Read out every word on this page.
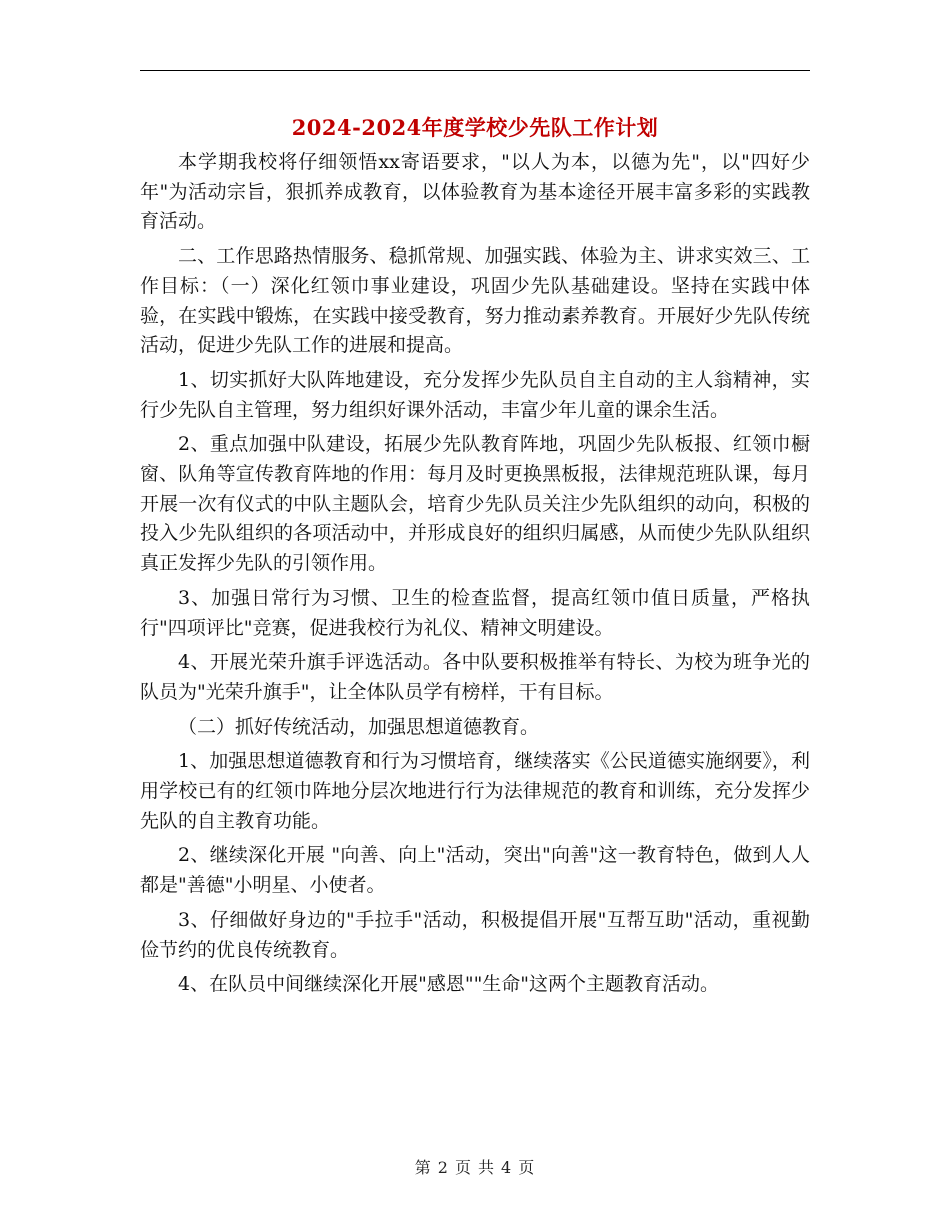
2024-2024年度学校少先队工作计划

本学期我校将仔细领悟xx寄语要求，"以人为本，以德为先"，以"四好少年"为活动宗旨，狠抓养成教育，以体验教育为基本途径开展丰富多彩的实践教育活动。

二、工作思路热情服务、稳抓常规、加强实践、体验为主、讲求实效三、工作目标：（一）深化红领巾事业建设，巩固少先队基础建设。坚持在实践中体验，在实践中锻炼，在实践中接受教育，努力推动素养教育。开展好少先队传统活动，促进少先队工作的进展和提高。

1、切实抓好大队阵地建设，充分发挥少先队员自主自动的主人翁精神，实行少先队自主管理，努力组织好课外活动，丰富少年儿童的课余生活。

2、重点加强中队建设，拓展少先队教育阵地，巩固少先队板报、红领巾橱窗、队角等宣传教育阵地的作用：每月及时更换黑板报，法律规范班队课，每月开展一次有仪式的中队主题队会，培育少先队员关注少先队组织的动向，积极的投入少先队组织的各项活动中，并形成良好的组织归属感，从而使少先队队组织真正发挥少先队的引领作用。

3、加强日常行为习惯、卫生的检查监督，提高红领巾值日质量，严格执行"四项评比"竞赛，促进我校行为礼仪、精神文明建设。

4、开展光荣升旗手评选活动。各中队要积极推举有特长、为校为班争光的队员为"光荣升旗手"，让全体队员学有榜样，干有目标。

（二）抓好传统活动，加强思想道德教育。

1、加强思想道德教育和行为习惯培育，继续落实《公民道德实施纲要》，利用学校已有的红领巾阵地分层次地进行行为法律规范的教育和训练，充分发挥少先队的自主教育功能。

2、继续深化开展 "向善、向上"活动，突出"向善"这一教育特色，做到人人都是"善德"小明星、小使者。

3、仔细做好身边的"手拉手"活动，积极提倡开展"互帮互助"活动，重视勤俭节约的优良传统教育。

4、在队员中间继续深化开展"感恩""生命"这两个主题教育活动。

第 2 页 共 4 页
